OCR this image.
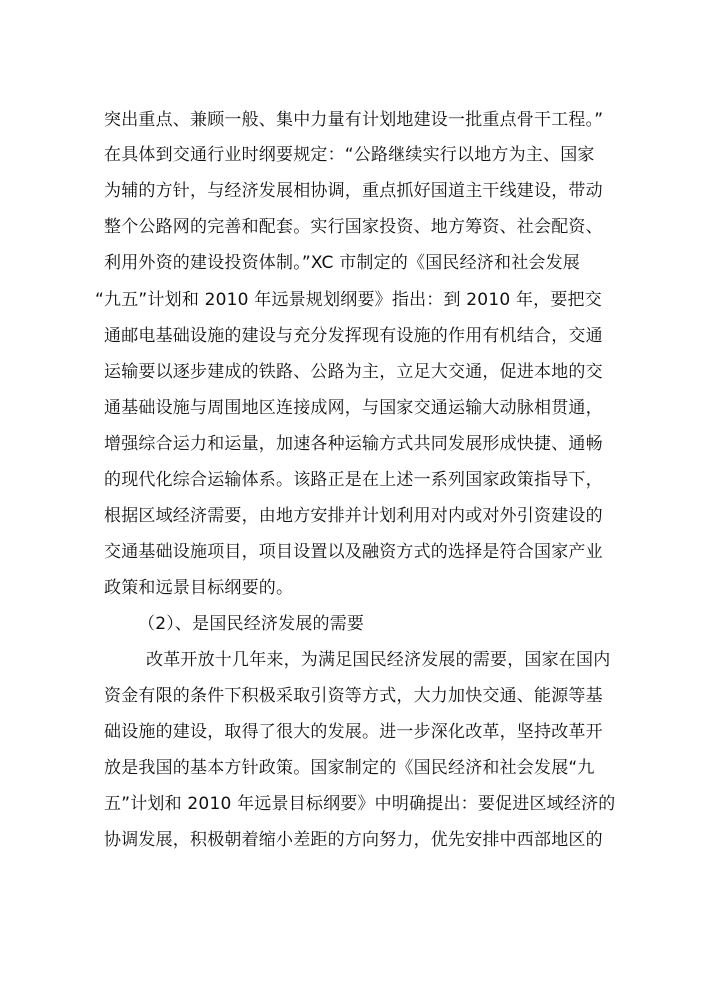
突出重点、兼顾一般、集中力量有计划地建设一批重点骨干工程。”
在具体到交通行业时纲要规定：“公路继续实行以地方为主、国家
为辅的方针，与经济发展相协调，重点抓好国道主干线建设，带动
整个公路网的完善和配套。实行国家投资、地方筹资、社会配资、
利用外资的建设投资体制。”XC 市制定的《国民经济和社会发展
“九五”计划和 2010 年远景规划纲要》指出：到 2010 年，要把交
通邮电基础设施的建设与充分发挥现有设施的作用有机结合，交通
运输要以逐步建成的铁路、公路为主，立足大交通，促进本地的交
通基础设施与周围地区连接成网，与国家交通运输大动脉相贯通，
增强综合运力和运量，加速各种运输方式共同发展形成快捷、通畅
的现代化综合运输体系。该路正是在上述一系列国家政策指导下，
根据区域经济需要，由地方安排并计划利用对内或对外引资建设的
交通基础设施项目，项目设置以及融资方式的选择是符合国家产业
政策和远景目标纲要的。
（2）、是国民经济发展的需要
改革开放十几年来，为满足国民经济发展的需要，国家在国内
资金有限的条件下积极采取引资等方式，大力加快交通、能源等基
础设施的建设，取得了很大的发展。进一步深化改革，坚持改革开
放是我国的基本方针政策。国家制定的《国民经济和社会发展“九
五”计划和 2010 年远景目标纲要》中明确提出：要促进区域经济的
协调发展，积极朝着缩小差距的方向努力，优先安排中西部地区的
